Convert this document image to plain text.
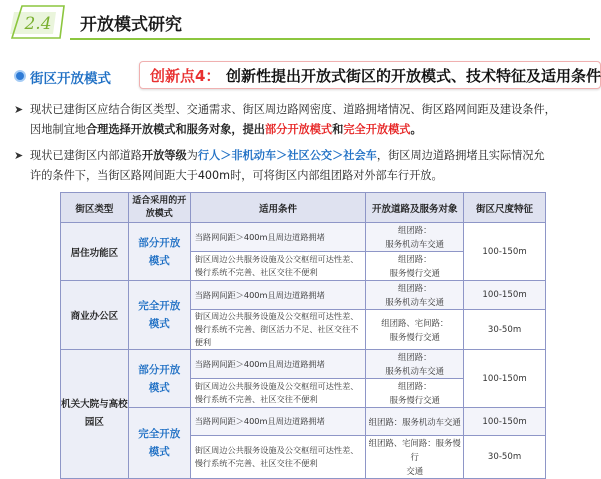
2.4 开放模式研究
街区开放模式	创新点4： 创新性提出开放式街区的开放模式、技术特征及适用条件
➤ 现状已建街区应结合街区类型、交通需求、街区周边路网密度、道路拥堵情况、街区路网间距及建设条件，
因地制宜地合理选择开放模式和服务对象，提出部分开放模式和完全开放模式。
➤ 现状已建街区内部道路开放等级为行人＞非机动车＞社区公交＞社会车，街区周边道路拥堵且实际情况允
许的条件下，当街区路网间距大于400m时，可将街区内部组团路对外部车行开放。
街区类型	适合采用的开放模式	适用条件	开放道路及服务对象	街区尺度特征
居住功能区	部分开放模式	当路网间距＞400m且周边道路拥堵	组团路：
服务机动车交通	100-150m
		街区周边公共服务设施及公交枢纽可达性差、慢行系统不完善、社区交往不便利	组团路：
服务慢行交通	

商业办公区	完全开放模式	当路网间距＞400m且周边道路拥堵	组团路：
服务机动车交通	100-150m
		街区周边公共服务设施及公交枢纽可达性差、慢行系统不完善、街区活力不足、社区交往不便利	组团路、宅间路：
服务慢行交通	30-50m
机关大院与高校园区	部分开放模式	当路网间距＞400m且周边道路拥堵	组团路：
服务机动车交通	100-150m
		街区周边公共服务设施及公交枢纽可达性差、慢行系统不完善、社区交往不便利	组团路：
服务慢行交通	

	完全开放模式	当路网间距＞400m且周边道路拥堵	组团路：服务机动车交通	100-150m
		街区周边公共服务设施及公交枢纽可达性差、慢行系统不完善、社区交往不便利	组团路、宅间路：服务慢行
交通	30-50m
